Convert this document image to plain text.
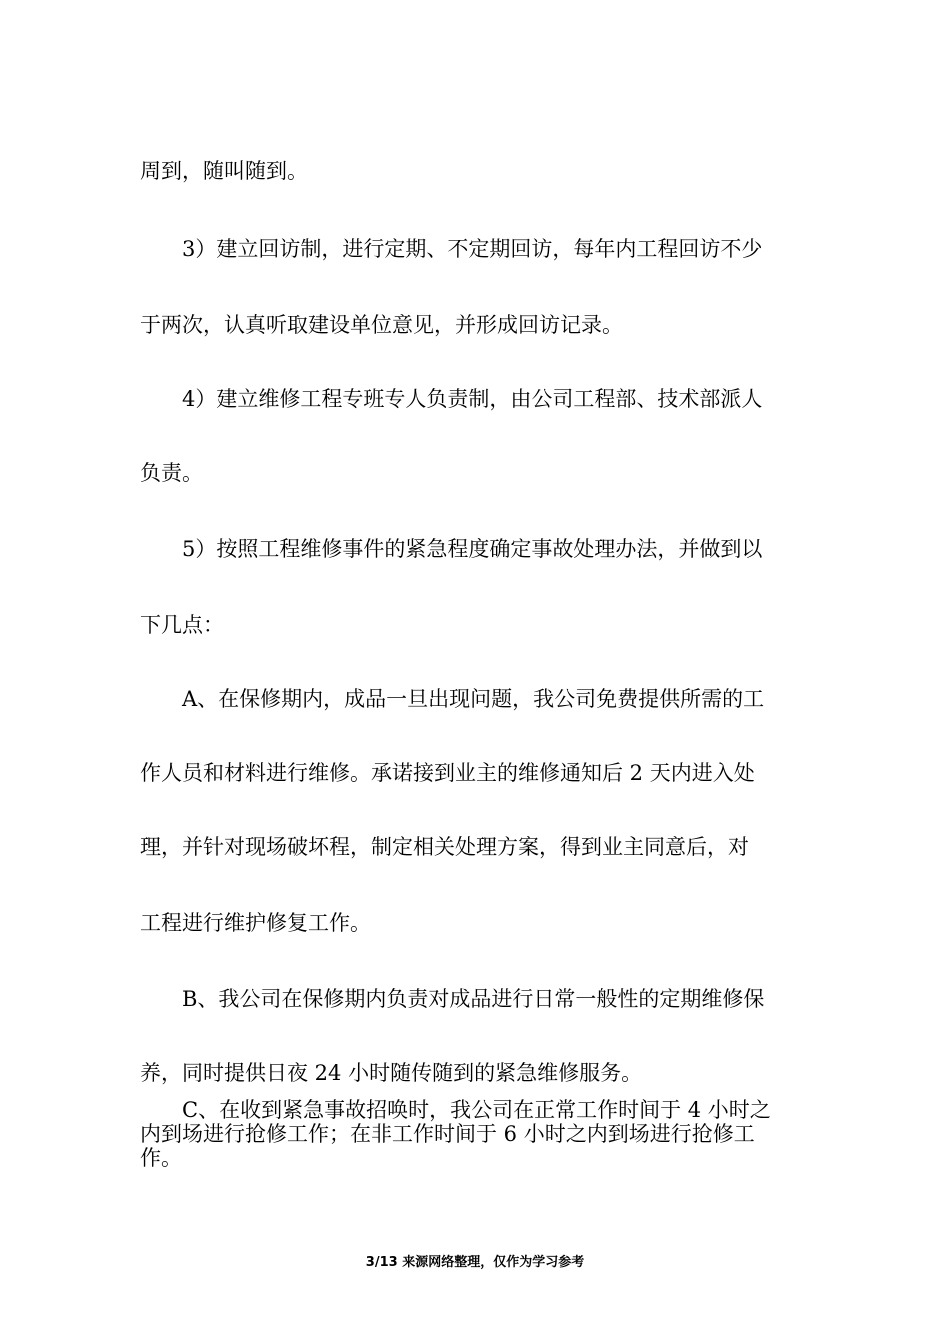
周到，随叫随到。
3）建立回访制，进行定期、不定期回访，每年内工程回访不少
于两次，认真听取建设单位意见，并形成回访记录。
4）建立维修工程专班专人负责制，由公司工程部、技术部派人
负责。
5）按照工程维修事件的紧急程度确定事故处理办法，并做到以
下几点：
A、在保修期内，成品一旦出现问题，我公司免费提供所需的工
作人员和材料进行维修。承诺接到业主的维修通知后 2 天内进入处
理，并针对现场破坏程，制定相关处理方案，得到业主同意后，对
工程进行维护修复工作。
B、我公司在保修期内负责对成品进行日常一般性的定期维修保
养，同时提供日夜 24 小时随传随到的紧急维修服务。
C、在收到紧急事故招唤时，我公司在正常工作时间于 4 小时之
内到场进行抢修工作；在非工作时间于 6 小时之内到场进行抢修工
作。
3/13 来源网络整理，仅作为学习参考
